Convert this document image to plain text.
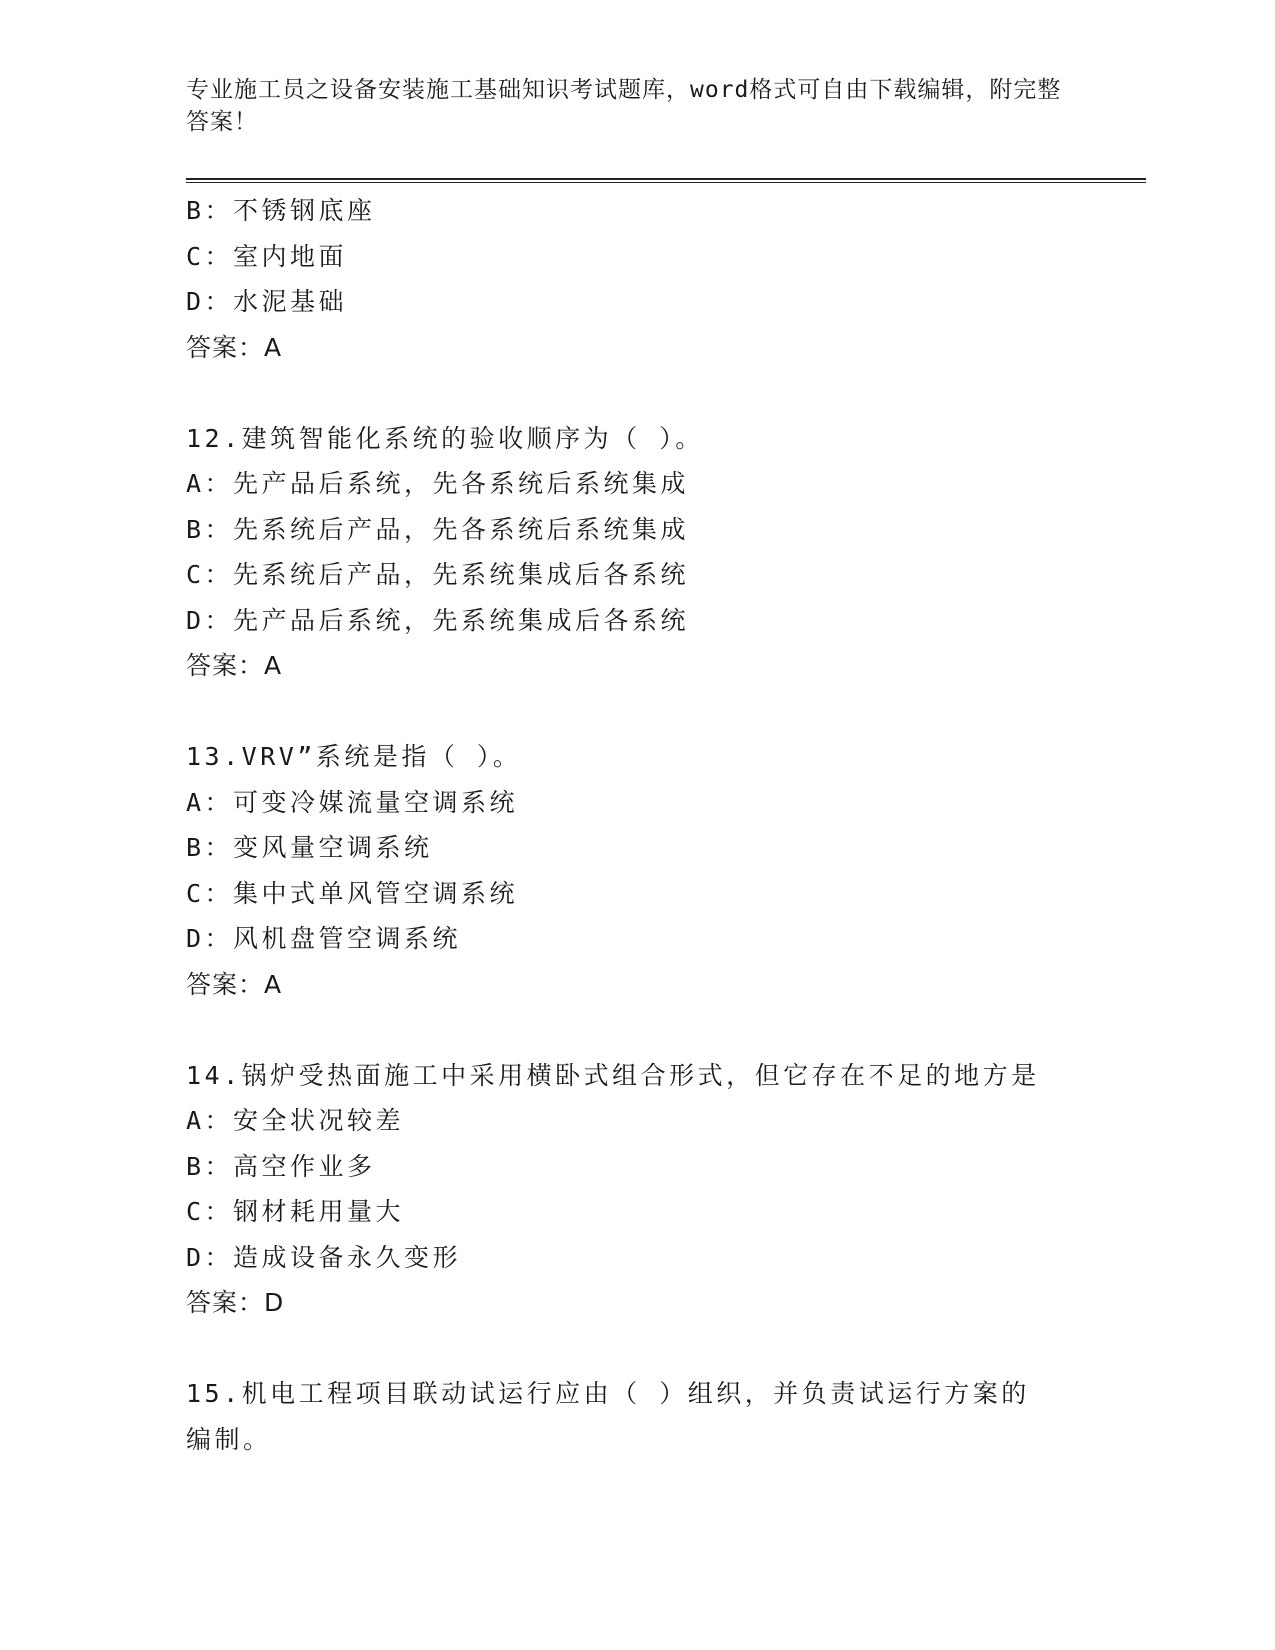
专业施工员之设备安装施工基础知识考试题库，word格式可自由下载编辑，附完整答案！
B：不锈钢底座
C：室内地面
D：水泥基础
答案：A
12.建筑智能化系统的验收顺序为（ ）。
A：先产品后系统，先各系统后系统集成
B：先系统后产品，先各系统后系统集成
C：先系统后产品，先系统集成后各系统
D：先产品后系统，先系统集成后各系统
答案：A
13.VRV”系统是指（ ）。
A：可变冷媒流量空调系统
B：变风量空调系统
C：集中式单风管空调系统
D：风机盘管空调系统
答案：A
14.锅炉受热面施工中采用横卧式组合形式，但它存在不足的地方是
A：安全状况较差
B：高空作业多
C：钢材耗用量大
D：造成设备永久变形
答案：D
15.机电工程项目联动试运行应由（ ）组织，并负责试运行方案的编制。
